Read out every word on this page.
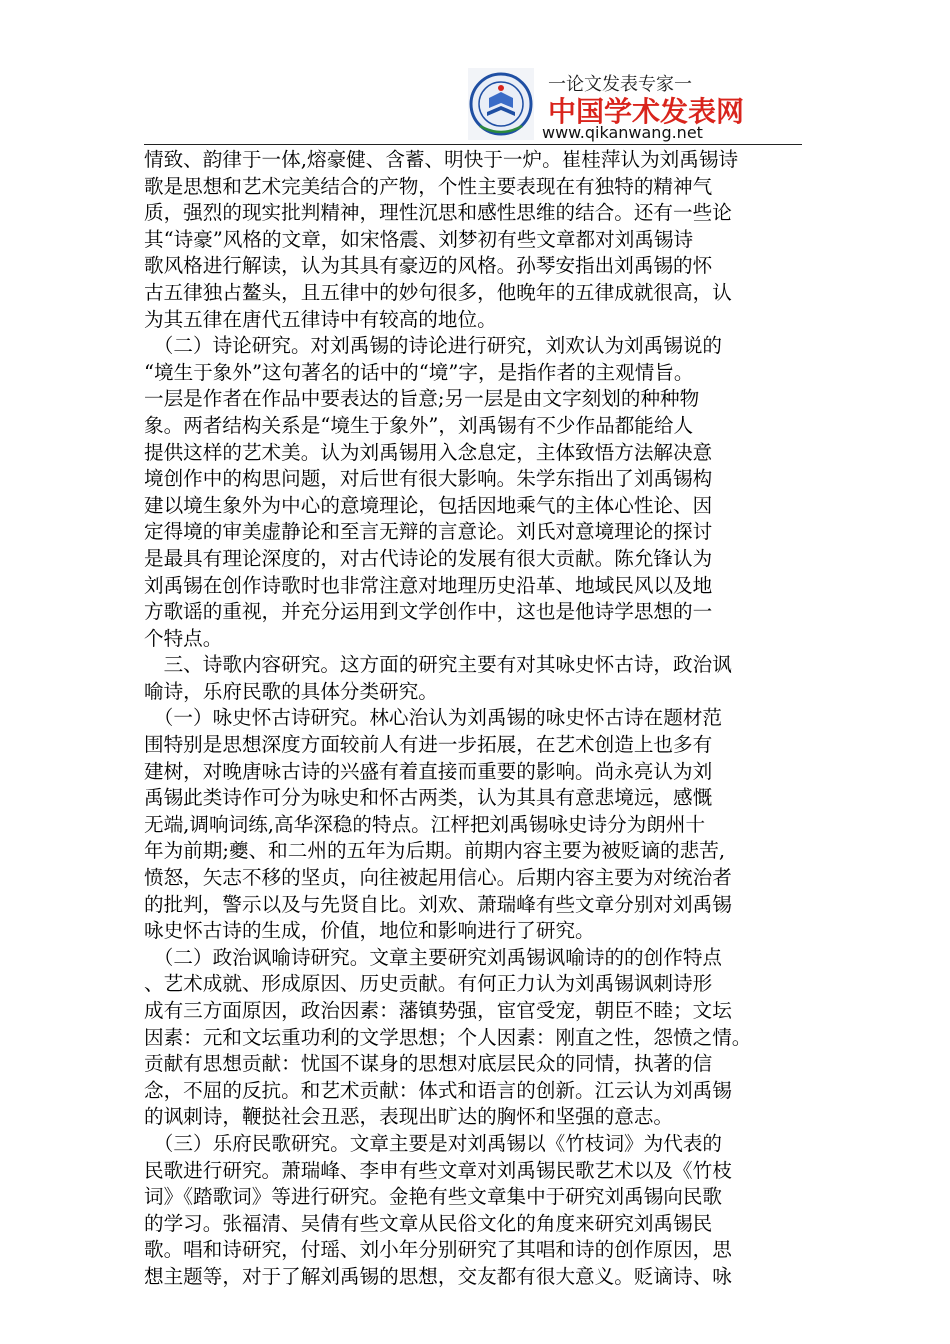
一论文发表专家一
中国学术发表网
www.qikanwang.net
情致、韵律于一体,熔豪健、含蓄、明快于一炉。崔桂萍认为刘禹锡诗
歌是思想和艺术完美结合的产物，个性主要表现在有独特的精神气
质，强烈的现实批判精神，理性沉思和感性思维的结合。还有一些论
其“诗豪”风格的文章，如宋恪震、刘梦初有些文章都对刘禹锡诗
歌风格进行解读，认为其具有豪迈的风格。孙琴安指出刘禹锡的怀
古五律独占鳌头，且五律中的妙句很多，他晚年的五律成就很高，认
为其五律在唐代五律诗中有较高的地位。
　（二）诗论研究。对刘禹锡的诗论进行研究，刘欢认为刘禹锡说的
“境生于象外”这句著名的话中的“境”字，是指作者的主观情旨。
一层是作者在作品中要表达的旨意;另一层是由文字刻划的种种物
象。两者结构关系是“境生于象外”，刘禹锡有不少作品都能给人
提供这样的艺术美。认为刘禹锡用入念息定，主体致悟方法解决意
境创作中的构思问题，对后世有很大影响。朱学东指出了刘禹锡构
建以境生象外为中心的意境理论，包括因地乘气的主体心性论、因
定得境的审美虚静论和至言无辩的言意论。刘氏对意境理论的探讨
是最具有理论深度的，对古代诗论的发展有很大贡献。陈允锋认为
刘禹锡在创作诗歌时也非常注意对地理历史沿革、地域民风以及地
方歌谣的重视，并充分运用到文学创作中，这也是他诗学思想的一
个特点。
　三、诗歌内容研究。这方面的研究主要有对其咏史怀古诗，政治讽
喻诗，乐府民歌的具体分类研究。
　（一）咏史怀古诗研究。林心治认为刘禹锡的咏史怀古诗在题材范
围特别是思想深度方面较前人有进一步拓展，在艺术创造上也多有
建树，对晚唐咏古诗的兴盛有着直接而重要的影响。尚永亮认为刘
禹锡此类诗作可分为咏史和怀古两类，认为其具有意悲境远，感慨
无端,调响词练,高华深稳的特点。江枰把刘禹锡咏史诗分为朗州十
年为前期;夔、和二州的五年为后期。前期内容主要为被贬谪的悲苦,
愤怒，矢志不移的坚贞，向往被起用信心。后期内容主要为对统治者
的批判，警示以及与先贤自比。刘欢、萧瑞峰有些文章分别对刘禹锡
咏史怀古诗的生成，价值，地位和影响进行了研究。
　（二）政治讽喻诗研究。文章主要研究刘禹锡讽喻诗的的创作特点
、艺术成就、形成原因、历史贡献。有何正力认为刘禹锡讽刺诗形
成有三方面原因，政治因素：藩镇势强，宦官受宠，朝臣不睦；文坛
因素：元和文坛重功利的文学思想；个人因素：刚直之性，怨愤之情。
贡献有思想贡献：忧国不谋身的思想对底层民众的同情，执著的信
念，不屈的反抗。和艺术贡献：体式和语言的创新。江云认为刘禹锡
的讽刺诗，鞭挞社会丑恶，表现出旷达的胸怀和坚强的意志。
　（三）乐府民歌研究。文章主要是对刘禹锡以《竹枝词》为代表的
民歌进行研究。萧瑞峰、李申有些文章对刘禹锡民歌艺术以及《竹枝
词》《踏歌词》等进行研究。金艳有些文章集中于研究刘禹锡向民歌
的学习。张福清、吴倩有些文章从民俗文化的角度来研究刘禹锡民
歌。唱和诗研究，付瑶、刘小年分别研究了其唱和诗的创作原因，思
想主题等，对于了解刘禹锡的思想，交友都有很大意义。贬谪诗、咏
